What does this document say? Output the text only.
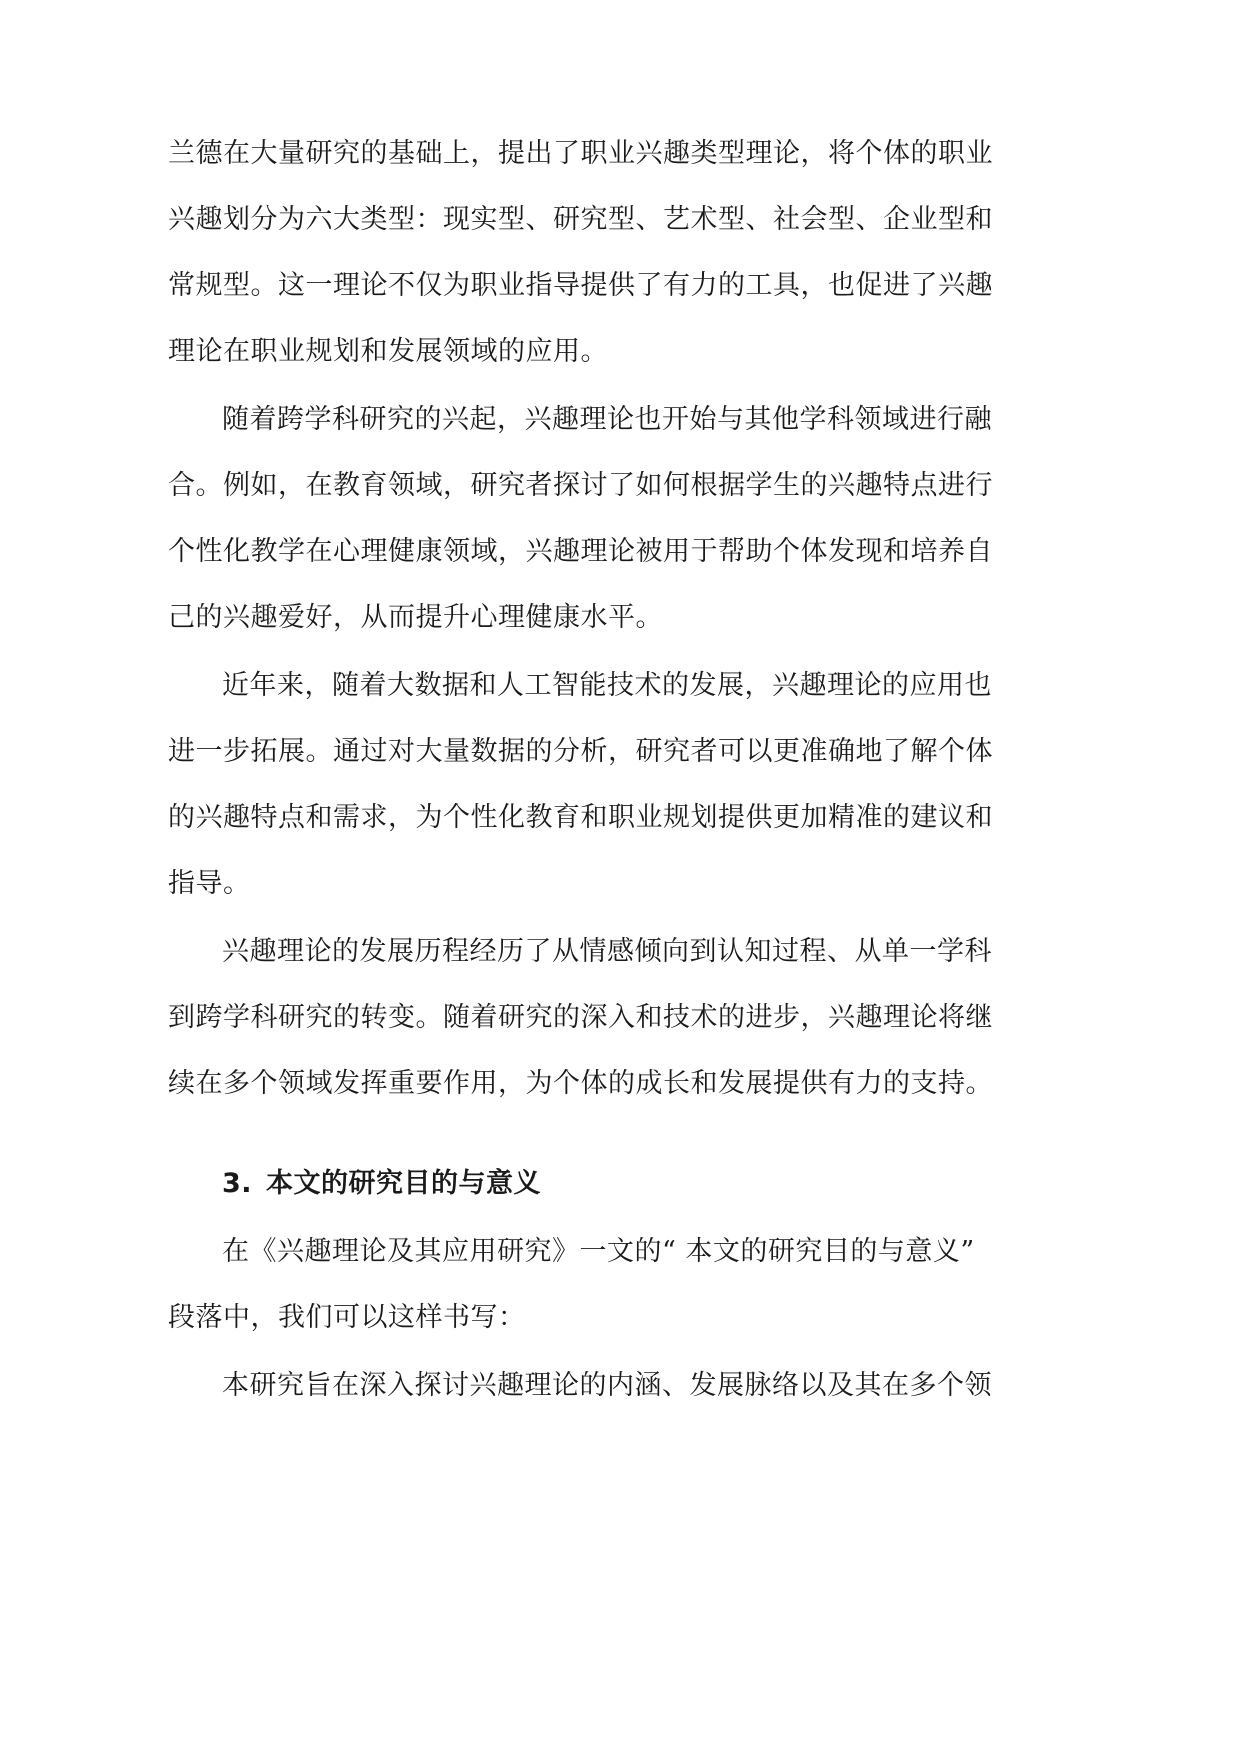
兰德在大量研究的基础上，提出了职业兴趣类型理论，将个体的职业
兴趣划分为六大类型：现实型、研究型、艺术型、社会型、企业型和
常规型。这一理论不仅为职业指导提供了有力的工具，也促进了兴趣
理论在职业规划和发展领域的应用。
随着跨学科研究的兴起，兴趣理论也开始与其他学科领域进行融
合。例如，在教育领域，研究者探讨了如何根据学生的兴趣特点进行
个性化教学在心理健康领域，兴趣理论被用于帮助个体发现和培养自
己的兴趣爱好，从而提升心理健康水平。
近年来，随着大数据和人工智能技术的发展，兴趣理论的应用也
进一步拓展。通过对大量数据的分析，研究者可以更准确地了解个体
的兴趣特点和需求，为个性化教育和职业规划提供更加精准的建议和
指导。
兴趣理论的发展历程经历了从情感倾向到认知过程、从单一学科
到跨学科研究的转变。随着研究的深入和技术的进步，兴趣理论将继
续在多个领域发挥重要作用，为个体的成长和发展提供有力的支持。
3. 本文的研究目的与意义
在《兴趣理论及其应用研究》一文的“ 本文的研究目的与意义”
段落中，我们可以这样书写：
本研究旨在深入探讨兴趣理论的内涵、发展脉络以及其在多个领
